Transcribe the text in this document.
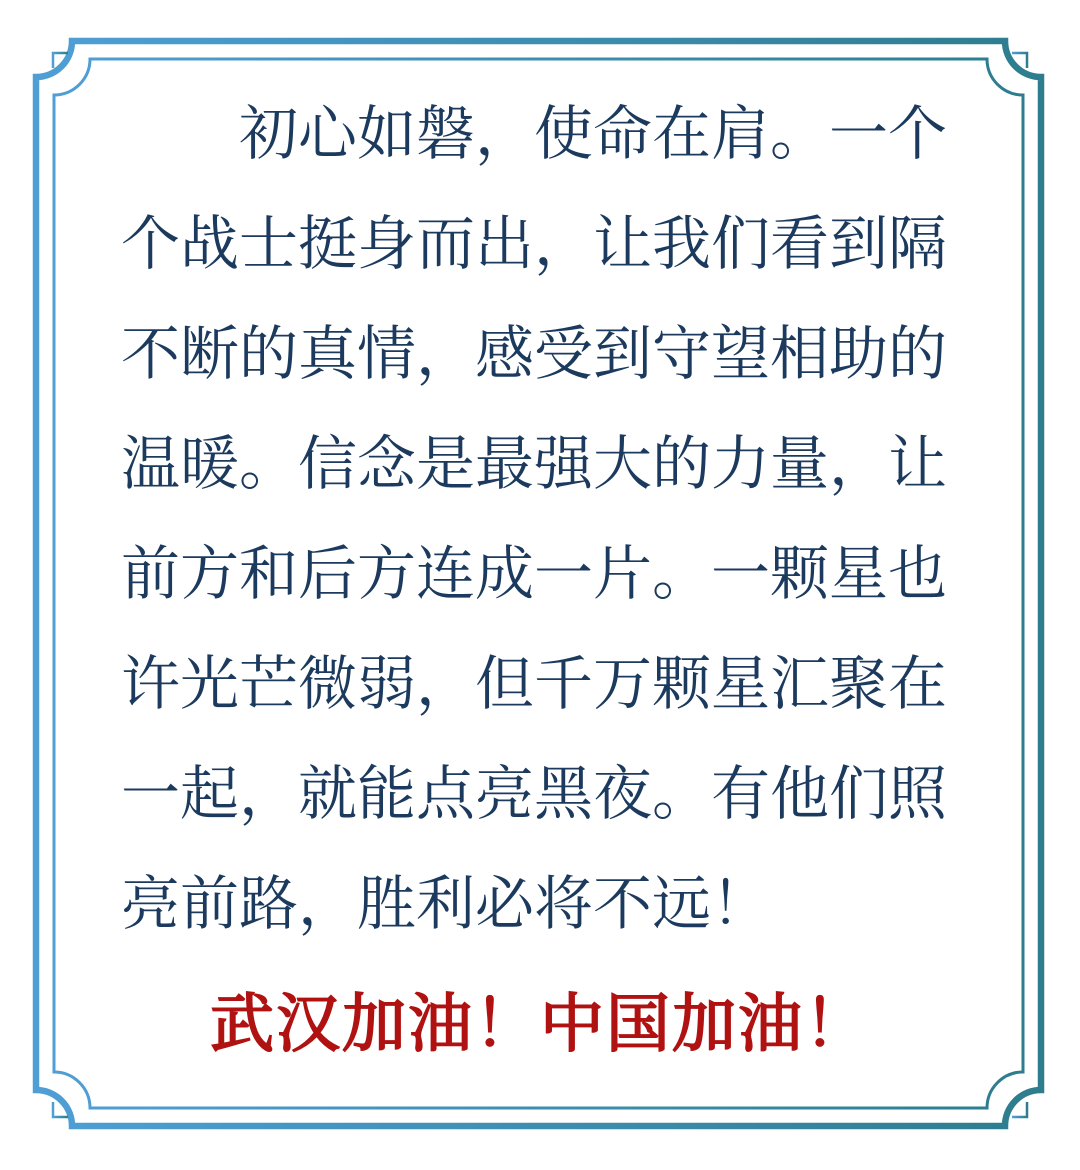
初心如磐，使命在肩。一个
个战士挺身而出，让我们看到隔
不断的真情，感受到守望相助的
温暖。信念是最强大的力量，让
前方和后方连成一片。一颗星也
许光芒微弱，但千万颗星汇聚在
一起，就能点亮黑夜。有他们照
亮前路，胜利必将不远！
武汉加油！中国加油！
